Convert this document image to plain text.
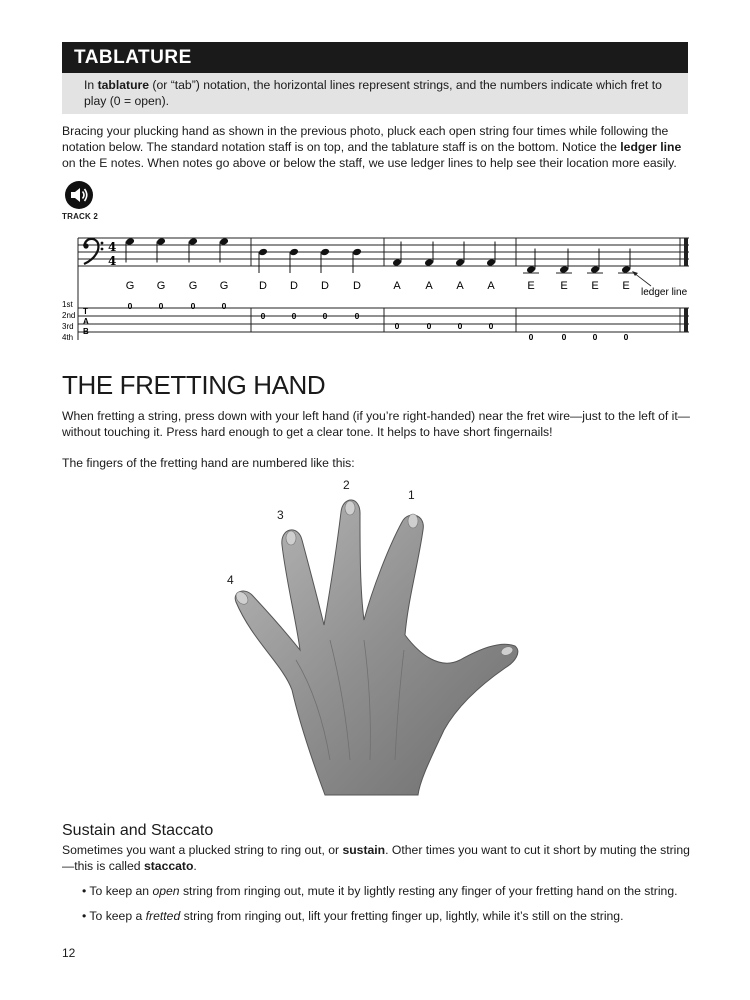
TABLATURE
In tablature (or “tab”) notation, the horizontal lines represent strings, and the numbers indicate which fret to play (0 = open).
Bracing your plucking hand as shown in the previous photo, pluck each open string four times while following the notation below. The standard notation staff is on top, and the tablature staff is on the bottom. Notice the ledger line on the E notes. When notes go above or below the staff, we use ledger lines to help see their location more easily.
TRACK 2
4
4
T
A
B
1st
2nd
3rd
4th
G
0
G
0
G
0
G
0
D
0
D
0
D
0
D
0
A
0
A
0
A
0
A
0
E
0
E
0
E
0
E
0
ledger line
THE FRETTING HAND
When fretting a string, press down with your left hand (if you’re right-handed) near the fret wire—just to the left of it—without touching it. Press hard enough to get a clear tone. It helps to have short fingernails!
The fingers of the fretting hand are numbered like this:
1
2
3
4
Sustain and Staccato
Sometimes you want a plucked string to ring out, or sustain. Other times you want to cut it short by muting the string—this is called staccato.
• To keep an open string from ringing out, mute it by lightly resting any finger of your fretting hand on the string.
• To keep a fretted string from ringing out, lift your fretting finger up, lightly, while it’s still on the string.
12
